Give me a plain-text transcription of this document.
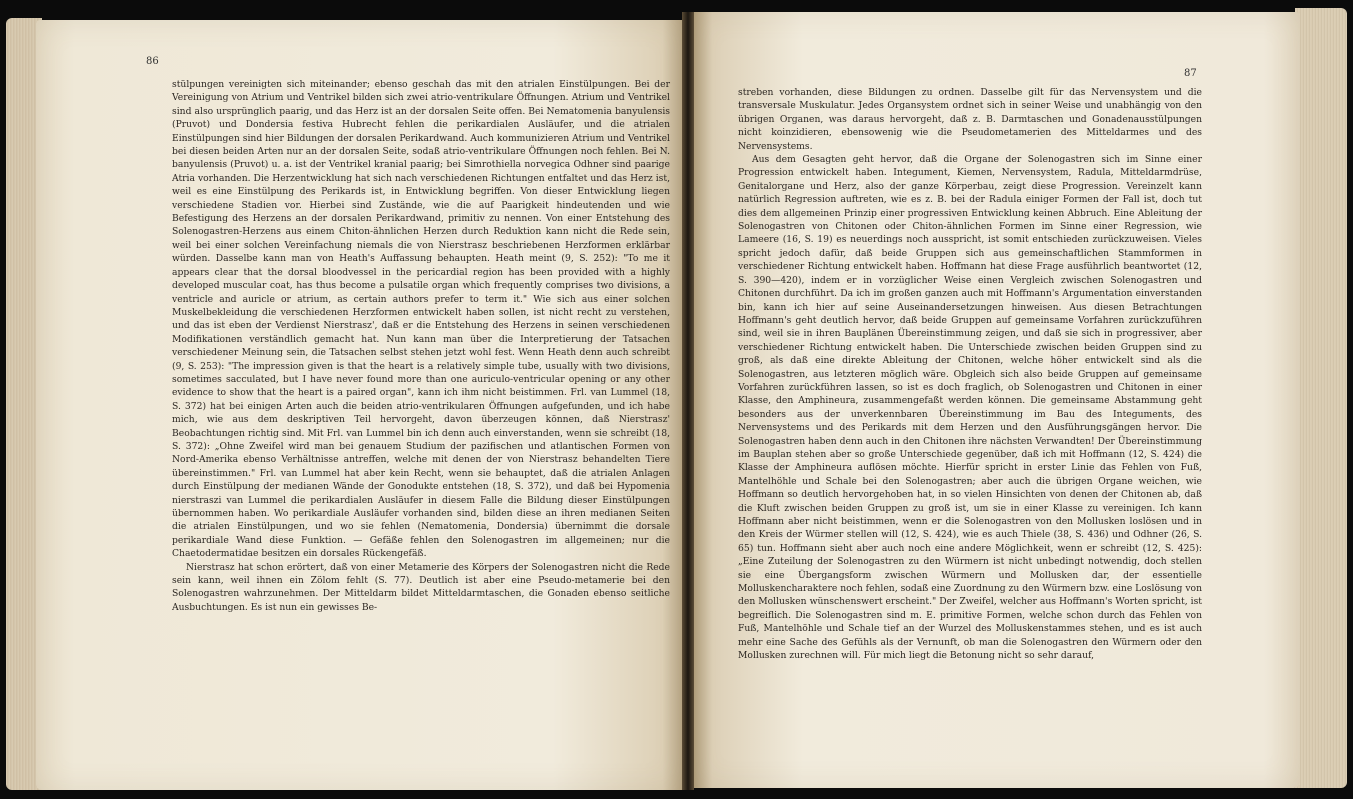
86

stülpungen vereinigten sich miteinander; ebenso geschah das mit den atrialen Einstülpungen. Bei der Vereinigung von Atrium und Ventrikel bilden sich zwei atrio-ventrikulare Öffnungen. Atrium und Ventrikel sind also ursprünglich paarig, und das Herz ist an der dorsalen Seite offen. Bei Nematomenia banyulensis (Pruvot) und Dondersia festiva Hubrecht fehlen die perikardialen Ausläufer, und die atrialen Einstülpungen sind hier Bildungen der dorsalen Perikardwand. Auch kommunizieren Atrium und Ventrikel bei diesen beiden Arten nur an der dorsalen Seite, sodaß atrio-ventrikulare Öffnungen noch fehlen. Bei N. banyulensis (Pruvot) u. a. ist der Ventrikel kranial paarig; bei Simrothiella norvegica Odhner sind paarige Atria vorhanden. Die Herzentwicklung hat sich nach verschiedenen Richtungen entfaltet und das Herz ist, weil es eine Einstülpung des Perikards ist, in Entwicklung begriffen. Von dieser Entwicklung liegen verschiedene Stadien vor. Hierbei sind Zustände, wie die auf Paarigkeit hindeutenden und wie Befestigung des Herzens an der dorsalen Perikardwand, primitiv zu nennen. Von einer Entstehung des Solenogastren-Herzens aus einem Chiton-ähnlichen Herzen durch Reduktion kann nicht die Rede sein, weil bei einer solchen Vereinfachung niemals die von Nierstrasz beschriebenen Herzformen erklärbar würden. Dasselbe kann man von Heath's Auffassung behaupten. Heath meint (9, S. 252): "To me it appears clear that the dorsal bloodvessel in the pericardial region has been provided with a highly developed muscular coat, has thus become a pulsatile organ which frequently comprises two divisions, a ventricle and auricle or atrium, as certain authors prefer to term it." Wie sich aus einer solchen Muskelbekleidung die verschiedenen Herzformen entwickelt haben sollen, ist nicht recht zu verstehen, und das ist eben der Verdienst Nierstrasz', daß er die Entstehung des Herzens in seinen verschiedenen Modifikationen verständlich gemacht hat. Nun kann man über die Interpretierung der Tatsachen verschiedener Meinung sein, die Tatsachen selbst stehen jetzt wohl fest. Wenn Heath denn auch schreibt (9, S. 253): "The impression given is that the heart is a relatively simple tube, usually with two divisions, sometimes sacculated, but I have never found more than one auriculo-ventricular opening or any other evidence to show that the heart is a paired organ", kann ich ihm nicht beistimmen. Frl. van Lummel (18, S. 372) hat bei einigen Arten auch die beiden atrio-ventrikularen Öffnungen aufgefunden, und ich habe mich, wie aus dem deskriptiven Teil hervorgeht, davon überzeugen können, daß Nierstrasz' Beobachtungen richtig sind. Mit Frl. van Lummel bin ich denn auch einverstanden, wenn sie schreibt (18, S. 372): „Ohne Zweifel wird man bei genauem Studium der pazifischen und atlantischen Formen von Nord-Amerika ebenso Verhältnisse antreffen, welche mit denen der von Nierstrasz behandelten Tiere übereinstimmen." Frl. van Lummel hat aber kein Recht, wenn sie behauptet, daß die atrialen Anlagen durch Einstülpung der medianen Wände der Gonodukte entstehen (18, S. 372), und daß bei Hypomenia nierstraszi van Lummel die perikardialen Ausläufer in diesem Falle die Bildung dieser Einstülpungen übernommen haben. Wo perikardiale Ausläufer vorhanden sind, bilden diese an ihren medianen Seiten die atrialen Einstülpungen, und wo sie fehlen (Nematomenia, Dondersia) übernimmt die dorsale perikardiale Wand diese Funktion. — Gefäße fehlen den Solenogastren im allgemeinen; nur die Chaetodermatidae besitzen ein dorsales Rückengefäß.

Nierstrasz hat schon erörtert, daß von einer Metamerie des Körpers der Solenogastren nicht die Rede sein kann, weil ihnen ein Zölom fehlt (S. 77). Deutlich ist aber eine Pseudo-metamerie bei den Solenogastren wahrzunehmen. Der Mitteldarm bildet Mitteldarmtaschen, die Gonaden ebenso seitliche Ausbuchtungen. Es ist nun ein gewisses Be-

87

streben vorhanden, diese Bildungen zu ordnen. Dasselbe gilt für das Nervensystem und die transversale Muskulatur. Jedes Organsystem ordnet sich in seiner Weise und unabhängig von den übrigen Organen, was daraus hervorgeht, daß z. B. Darmtaschen und Gonadenausstülpungen nicht koinzidieren, ebensowenig wie die Pseudometamerien des Mitteldarmes und des Nervensystems.

Aus dem Gesagten geht hervor, daß die Organe der Solenogastren sich im Sinne einer Progression entwickelt haben. Integument, Kiemen, Nervensystem, Radula, Mitteldarmdrüse, Genitalorgane und Herz, also der ganze Körperbau, zeigt diese Progression. Vereinzelt kann natürlich Regression auftreten, wie es z. B. bei der Radula einiger Formen der Fall ist, doch tut dies dem allgemeinen Prinzip einer progressiven Entwicklung keinen Abbruch. Eine Ableitung der Solenogastren von Chitonen oder Chiton-ähnlichen Formen im Sinne einer Regression, wie Lameere (16, S. 19) es neuerdings noch ausspricht, ist somit entschieden zurückzuweisen. Vieles spricht jedoch dafür, daß beide Gruppen sich aus gemeinschaftlichen Stammformen in verschiedener Richtung entwickelt haben. Hoffmann hat diese Frage ausführlich beantwortet (12, S. 390—420), indem er in vorzüglicher Weise einen Vergleich zwischen Solenogastren und Chitonen durchführt. Da ich im großen ganzen auch mit Hoffmann's Argumentation einverstanden bin, kann ich hier auf seine Auseinandersetzungen hinweisen. Aus diesen Betrachtungen Hoffmann's geht deutlich hervor, daß beide Gruppen auf gemeinsame Vorfahren zurückzuführen sind, weil sie in ihren Bauplänen Übereinstimmung zeigen, und daß sie sich in progressiver, aber verschiedener Richtung entwickelt haben. Die Unterschiede zwischen beiden Gruppen sind zu groß, als daß eine direkte Ableitung der Chitonen, welche höher entwickelt sind als die Solenogastren, aus letzteren möglich wäre. Obgleich sich also beide Gruppen auf gemeinsame Vorfahren zurückführen lassen, so ist es doch fraglich, ob Solenogastren und Chitonen in einer Klasse, den Amphineura, zusammengefaßt werden können. Die gemeinsame Abstammung geht besonders aus der unverkennbaren Übereinstimmung im Bau des Integuments, des Nervensystems und des Perikards mit dem Herzen und den Ausführungsgängen hervor. Die Solenogastren haben denn auch in den Chitonen ihre nächsten Verwandten! Der Übereinstimmung im Bauplan stehen aber so große Unterschiede gegenüber, daß ich mit Hoffmann (12, S. 424) die Klasse der Amphineura auflösen möchte. Hierfür spricht in erster Linie das Fehlen von Fuß, Mantelhöhle und Schale bei den Solenogastren; aber auch die übrigen Organe weichen, wie Hoffmann so deutlich hervorgehoben hat, in so vielen Hinsichten von denen der Chitonen ab, daß die Kluft zwischen beiden Gruppen zu groß ist, um sie in einer Klasse zu vereinigen. Ich kann Hoffmann aber nicht beistimmen, wenn er die Solenogastren von den Mollusken loslösen und in den Kreis der Würmer stellen will (12, S. 424), wie es auch Thiele (38, S. 436) und Odhner (26, S. 65) tun. Hoffmann sieht aber auch noch eine andere Möglichkeit, wenn er schreibt (12, S. 425): „Eine Zuteilung der Solenogastren zu den Würmern ist nicht unbedingt notwendig, doch stellen sie eine Übergangsform zwischen Würmern und Mollusken dar, der essentielle Molluskencharaktere noch fehlen, sodaß eine Zuordnung zu den Würmern bzw. eine Loslösung von den Mollusken wünschenswert erscheint." Der Zweifel, welcher aus Hoffmann's Worten spricht, ist begreiflich. Die Solenogastren sind m. E. primitive Formen, welche schon durch das Fehlen von Fuß, Mantelhöhle und Schale tief an der Wurzel des Molluskenstammes stehen, und es ist auch mehr eine Sache des Gefühls als der Vernunft, ob man die Solenogastren den Würmern oder den Mollusken zurechnen will. Für mich liegt die Betonung nicht so sehr darauf,
